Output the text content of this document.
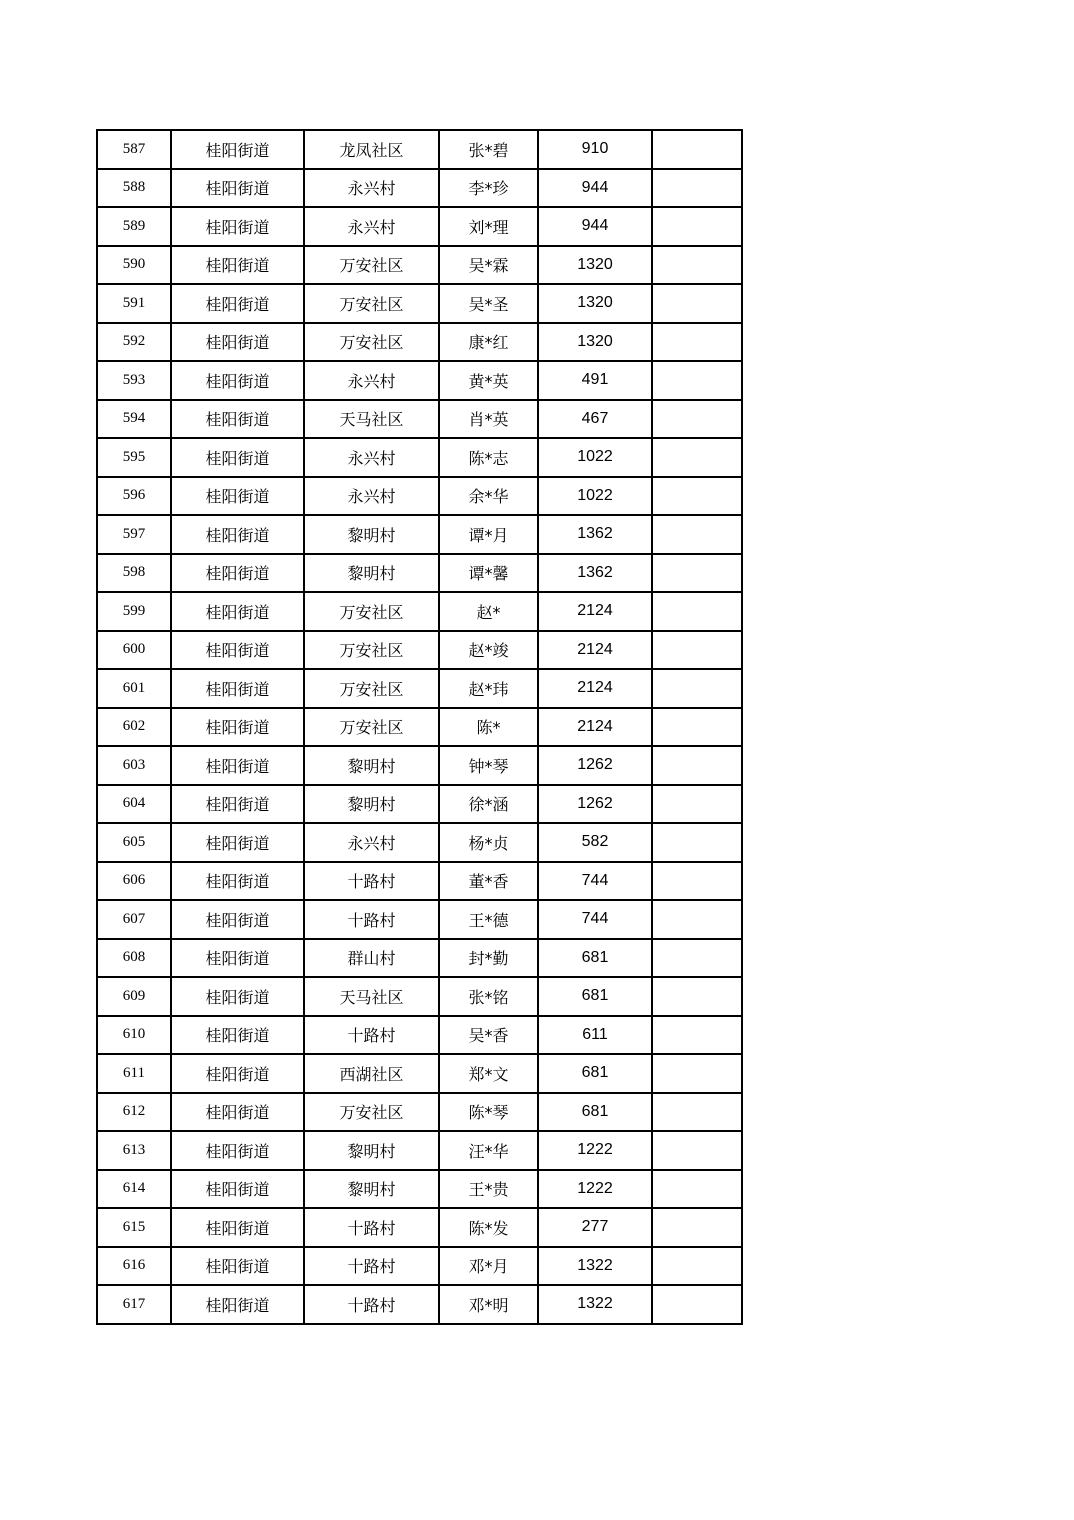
587	桂阳街道	龙凤社区	张*碧	910	
588	桂阳街道	永兴村	李*珍	944	
589	桂阳街道	永兴村	刘*理	944	
590	桂阳街道	万安社区	吴*霖	1320	
591	桂阳街道	万安社区	吴*圣	1320	
592	桂阳街道	万安社区	康*红	1320	
593	桂阳街道	永兴村	黄*英	491	
594	桂阳街道	天马社区	肖*英	467	
595	桂阳街道	永兴村	陈*志	1022	
596	桂阳街道	永兴村	余*华	1022	
597	桂阳街道	黎明村	谭*月	1362	
598	桂阳街道	黎明村	谭*馨	1362	
599	桂阳街道	万安社区	赵*	2124	
600	桂阳街道	万安社区	赵*竣	2124	
601	桂阳街道	万安社区	赵*玮	2124	
602	桂阳街道	万安社区	陈*	2124	
603	桂阳街道	黎明村	钟*琴	1262	
604	桂阳街道	黎明村	徐*涵	1262	
605	桂阳街道	永兴村	杨*贞	582	
606	桂阳街道	十路村	董*香	744	
607	桂阳街道	十路村	王*德	744	
608	桂阳街道	群山村	封*勤	681	
609	桂阳街道	天马社区	张*铭	681	
610	桂阳街道	十路村	吴*香	611	
611	桂阳街道	西湖社区	郑*文	681	
612	桂阳街道	万安社区	陈*琴	681	
613	桂阳街道	黎明村	汪*华	1222	
614	桂阳街道	黎明村	王*贵	1222	
615	桂阳街道	十路村	陈*发	277	
616	桂阳街道	十路村	邓*月	1322	
617	桂阳街道	十路村	邓*明	1322	
